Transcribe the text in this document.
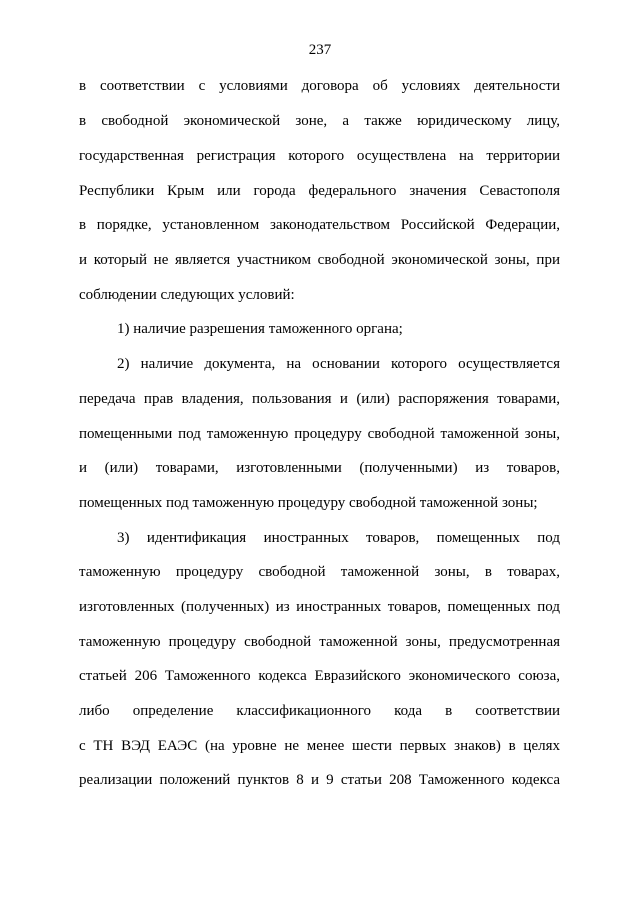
237
в соответствии с условиями договора об условиях деятельности
в свободной экономической зоне, а также юридическому лицу,
государственная регистрация которого осуществлена на территории
Республики Крым или города федерального значения Севастополя
в порядке, установленном законодательством Российской Федерации,
и который не является участником свободной экономической зоны, при
соблюдении следующих условий:
1) наличие разрешения таможенного органа;
2) наличие документа, на основании которого осуществляется
передача прав владения, пользования и (или) распоряжения товарами,
помещенными под таможенную процедуру свободной таможенной зоны,
и (или) товарами, изготовленными (полученными) из товаров,
помещенных под таможенную процедуру свободной таможенной зоны;
3) идентификация иностранных товаров, помещенных под
таможенную процедуру свободной таможенной зоны, в товарах,
изготовленных (полученных) из иностранных товаров, помещенных под
таможенную процедуру свободной таможенной зоны, предусмотренная
статьей 206 Таможенного кодекса Евразийского экономического союза,
либо определение классификационного кода в соответствии
с ТН ВЭД ЕАЭС (на уровне не менее шести первых знаков) в целях
реализации положений пунктов 8 и 9 статьи 208 Таможенного кодекса
